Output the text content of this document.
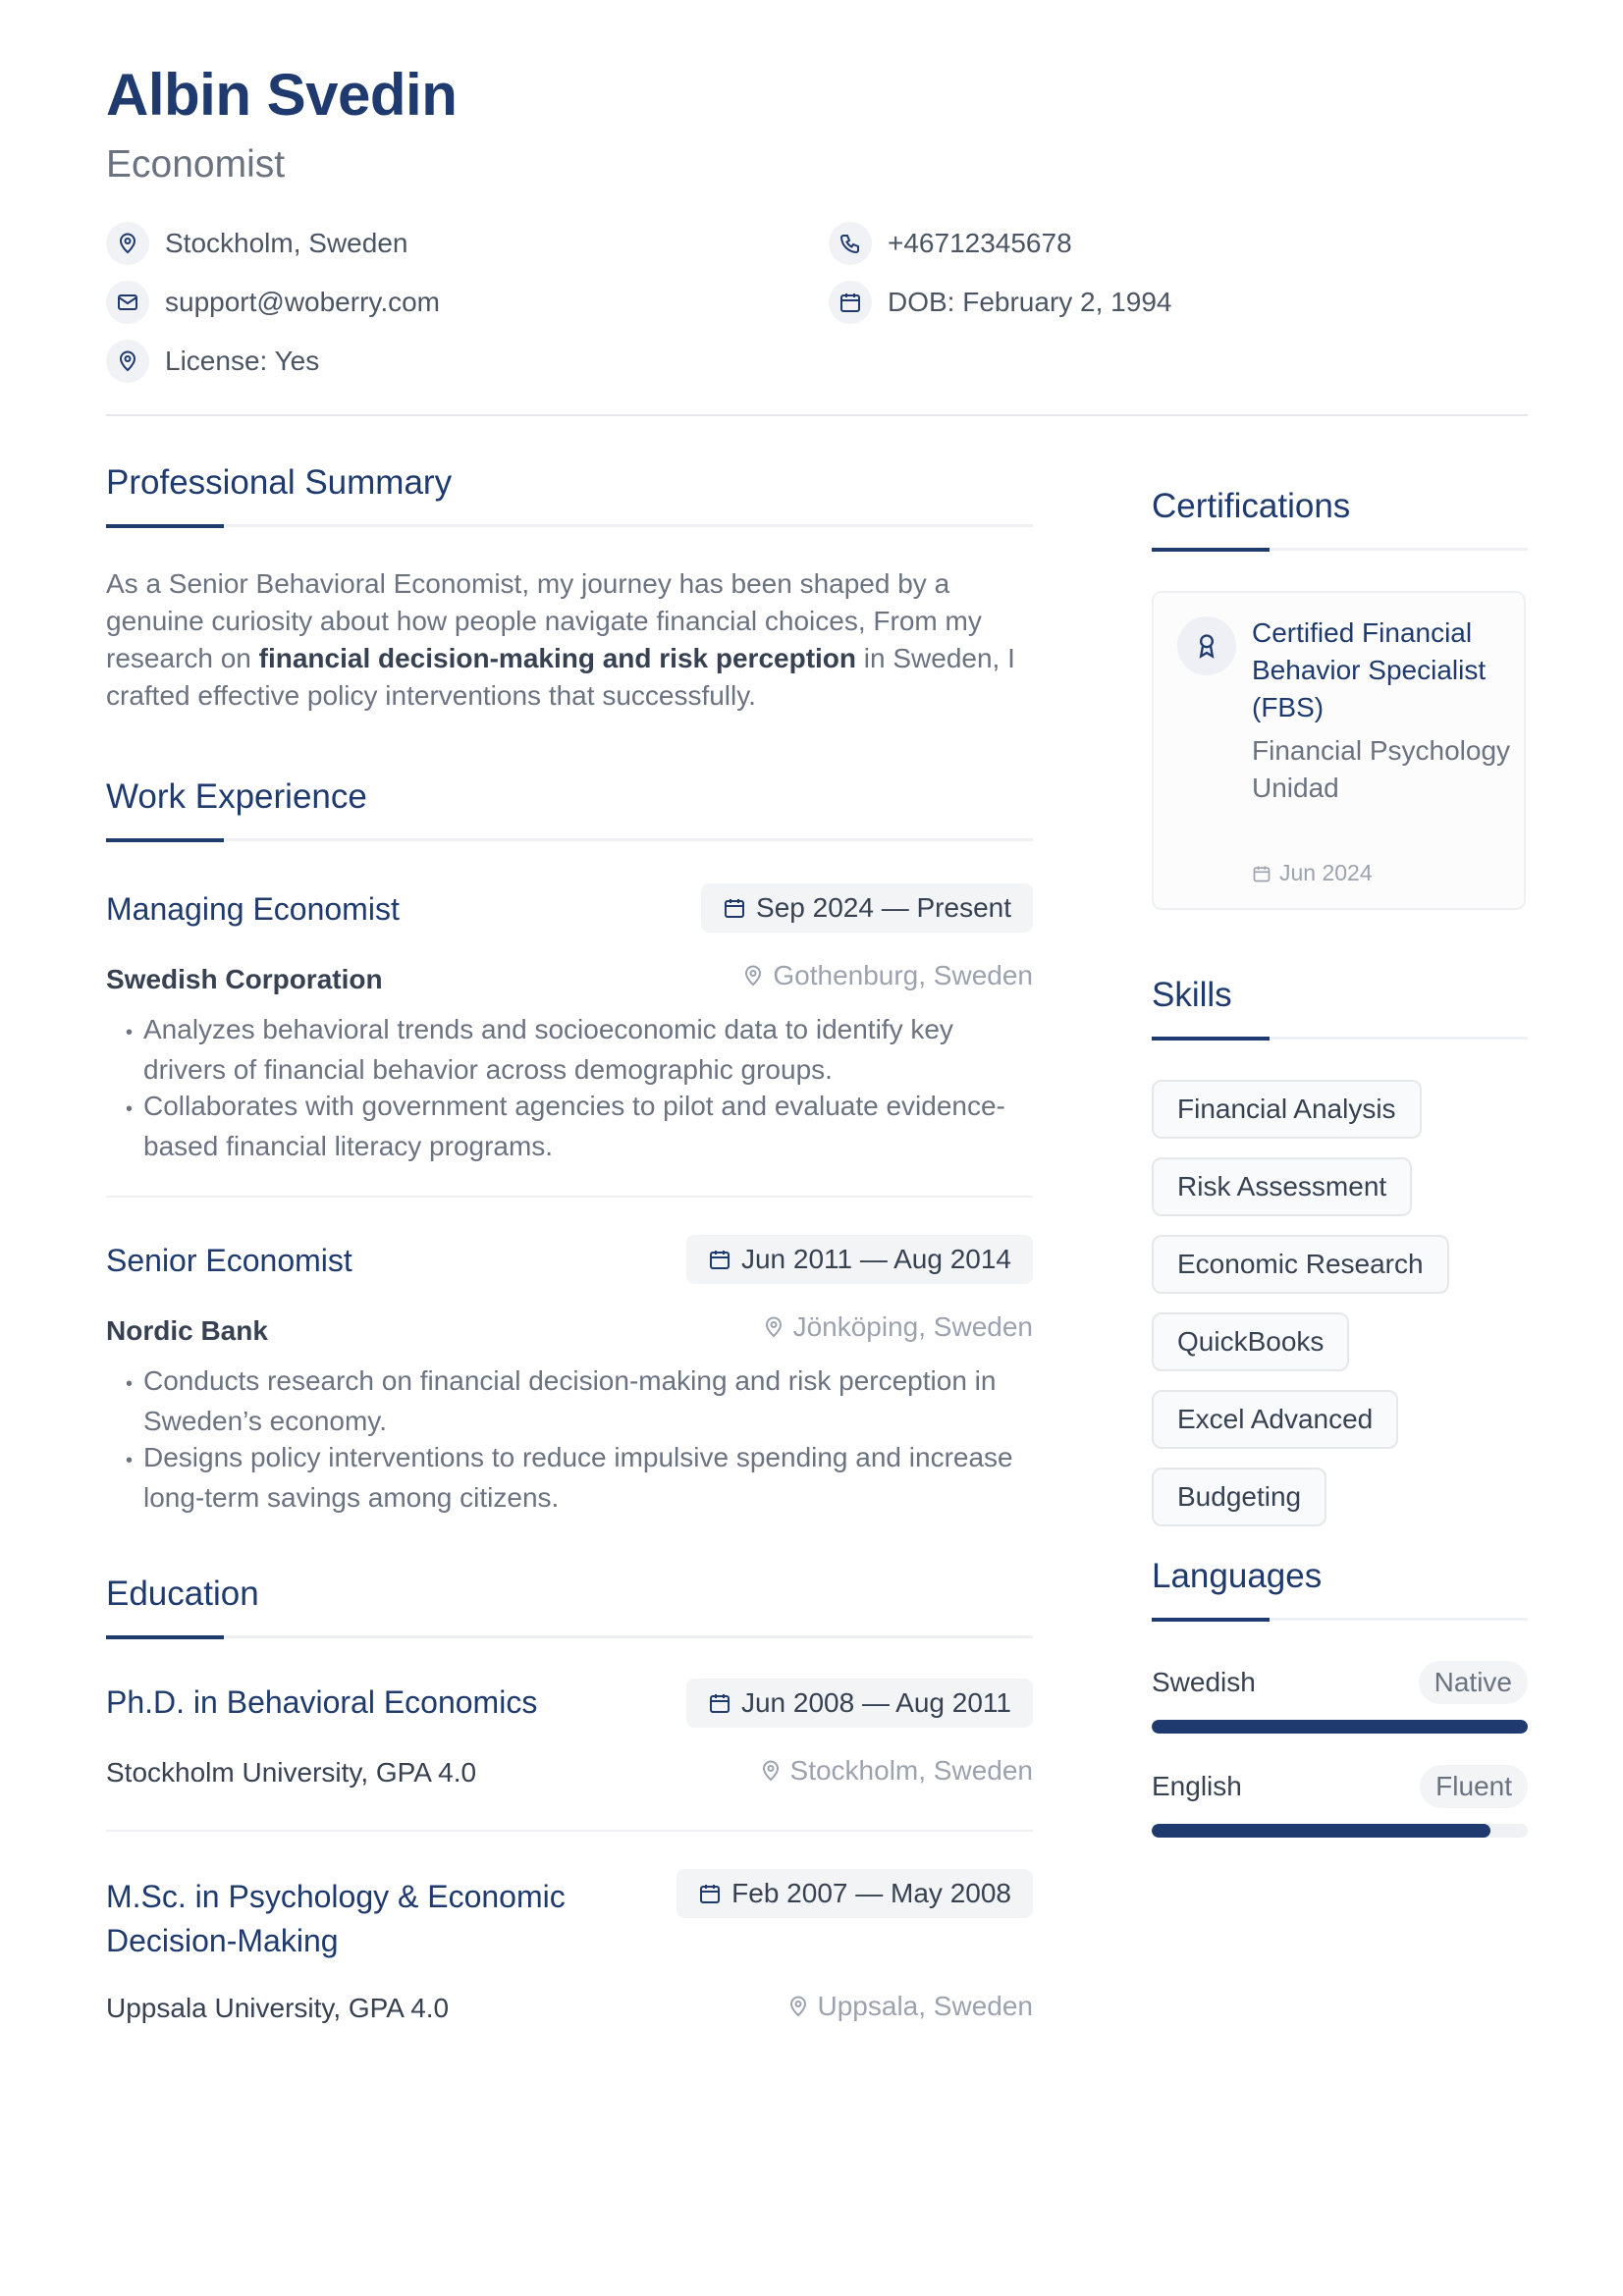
Albin Svedin
Economist
Stockholm, Sweden	+46712345678
support@woberry.com	DOB: February 2, 1994
License: Yes
Professional Summary
As a Senior Behavioral Economist, my journey has been shaped by a genuine curiosity about how people navigate financial choices, From my research on financial decision-making and risk perception in Sweden, I crafted effective policy interventions that successfully.
Work Experience
Managing Economist	Sep 2024 — Present
Swedish Corporation	Gothenburg, Sweden
• Analyzes behavioral trends and socioeconomic data to identify key drivers of financial behavior across demographic groups.
• Collaborates with government agencies to pilot and evaluate evidence-based financial literacy programs.
Senior Economist	Jun 2011 — Aug 2014
Nordic Bank	Jönköping, Sweden
• Conducts research on financial decision-making and risk perception in Sweden’s economy.
• Designs policy interventions to reduce impulsive spending and increase long-term savings among citizens.
Education
Ph.D. in Behavioral Economics	Jun 2008 — Aug 2011
Stockholm University, GPA 4.0	Stockholm, Sweden
M.Sc. in Psychology & Economic Decision-Making
Feb 2007 — May 2008
Uppsala University, GPA 4.0	Uppsala, Sweden
Certifications
Certified Financial Behavior Specialist (FBS)
Financial Psychology Unidad
Jun 2024
Skills
Financial Analysis
Risk Assessment
Economic Research
QuickBooks
Excel Advanced
Budgeting
Languages
Swedish	Native
English	Fluent
